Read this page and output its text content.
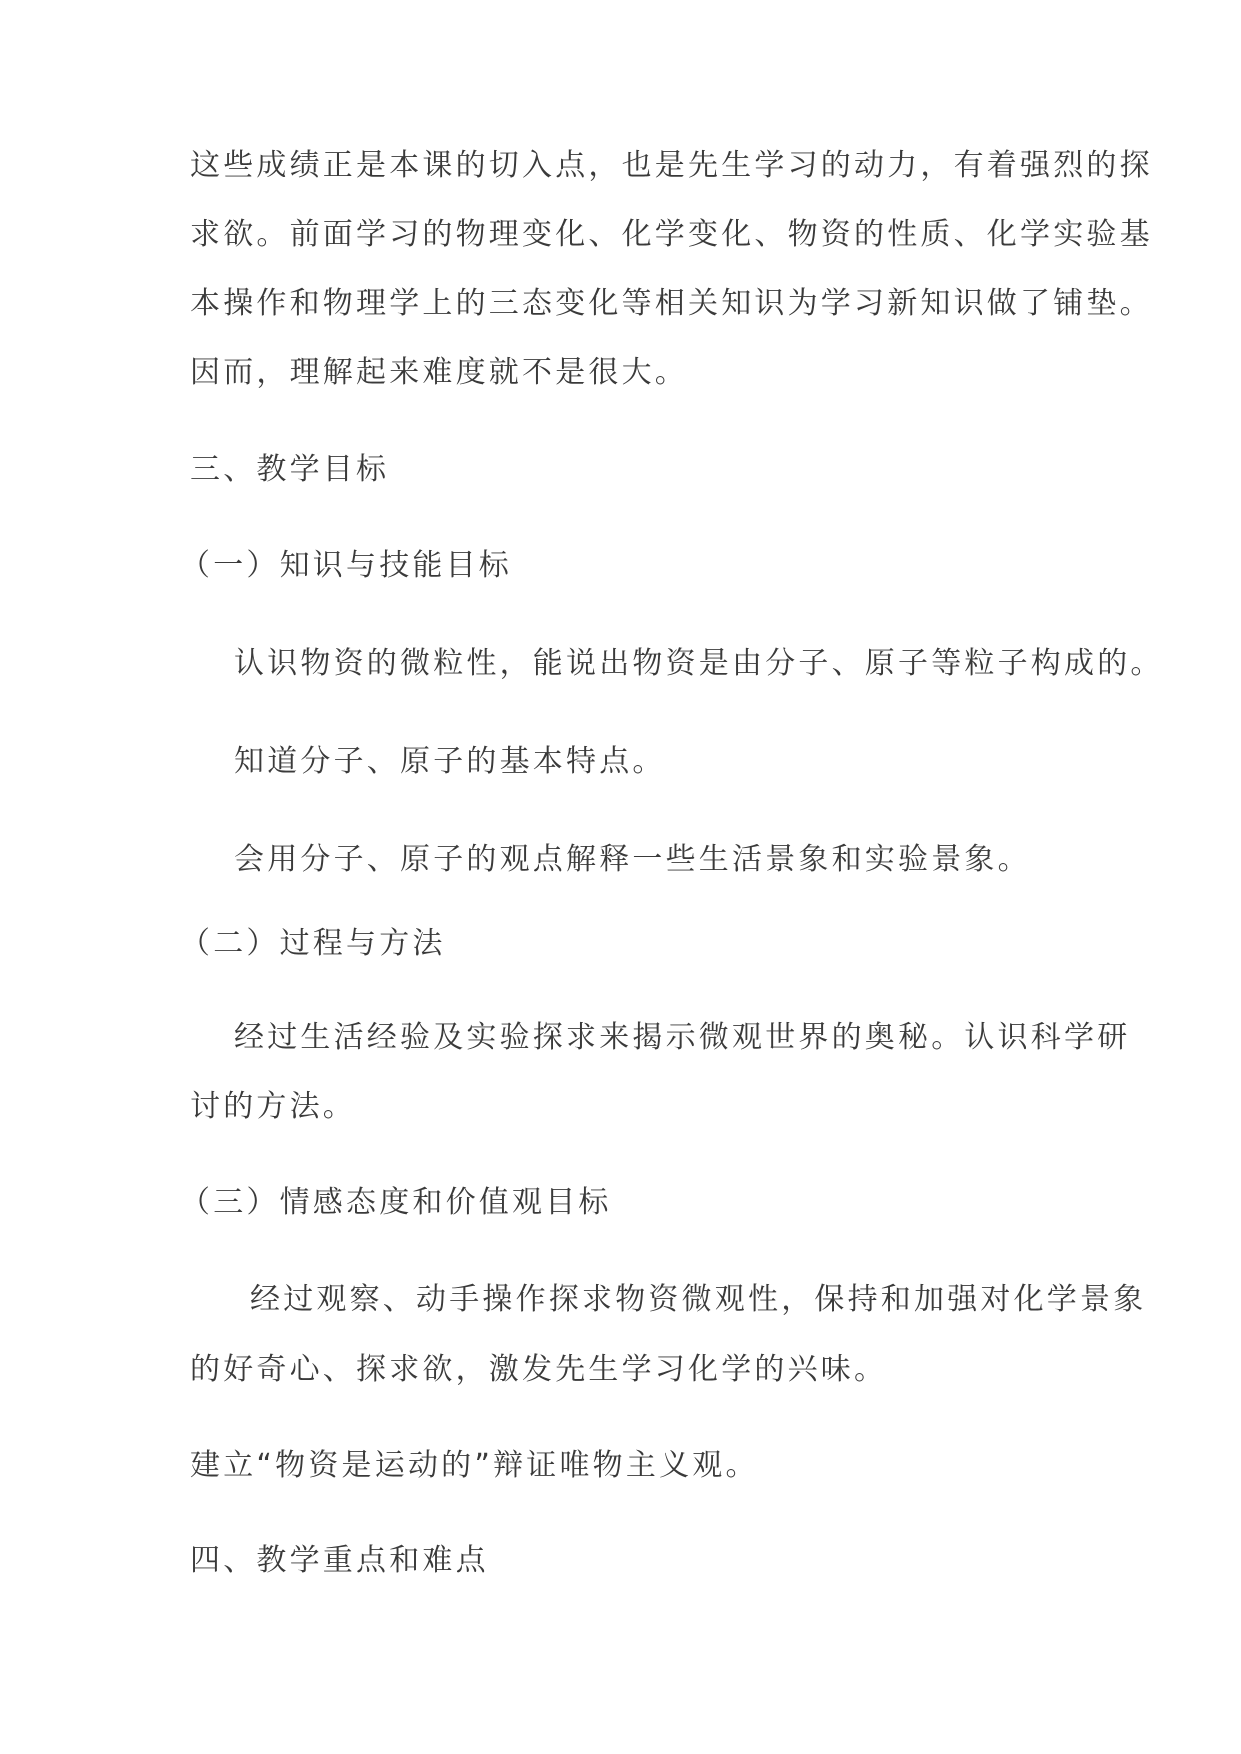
这些成绩正是本课的切入点，也是先生学习的动力，有着强烈的探
求欲。前面学习的物理变化、化学变化、物资的性质、化学实验基
本操作和物理学上的三态变化等相关知识为学习新知识做了铺垫。
因而，理解起来难度就不是很大。
三、教学目标
（一）知识与技能目标
认识物资的微粒性，能说出物资是由分子、原子等粒子构成的。
知道分子、原子的基本特点。
会用分子、原子的观点解释一些生活景象和实验景象。
（二）过程与方法
经过生活经验及实验探求来揭示微观世界的奥秘。认识科学研
讨的方法。
（三）情感态度和价值观目标
经过观察、动手操作探求物资微观性，保持和加强对化学景象
的好奇心、探求欲，激发先生学习化学的兴味。
建立“物资是运动的”辩证唯物主义观。
四、教学重点和难点
